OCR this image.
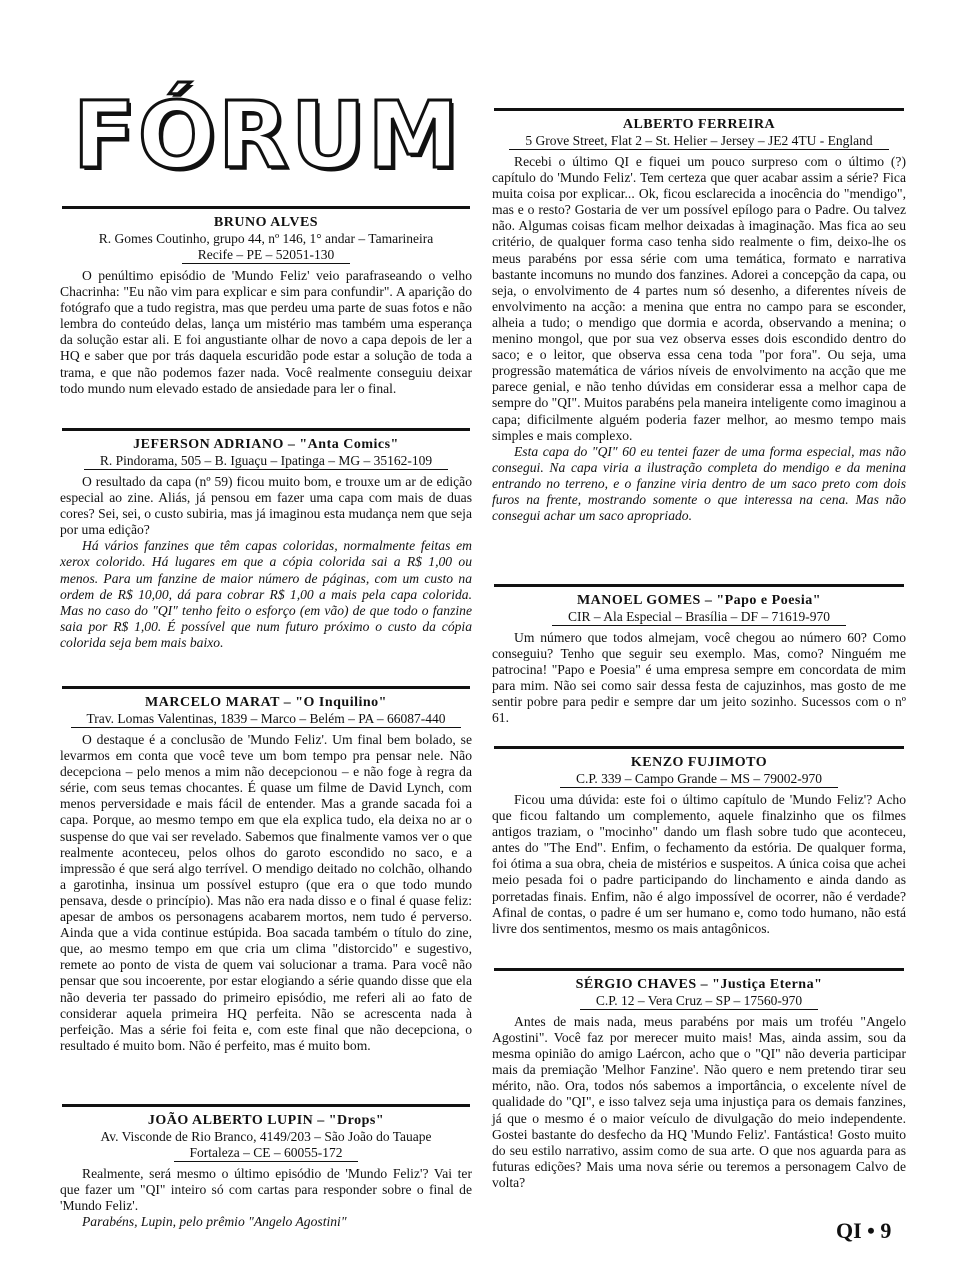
FÓRUM
BRUNO ALVES
R. Gomes Coutinho, grupo 44, nº 146, 1° andar – Tamarineira
Recife – PE – 52051-130

O penúltimo episódio de 'Mundo Feliz' veio parafraseando o velho Chacrinha: "Eu não vim para explicar e sim para confundir". A aparição do fotógrafo que a tudo registra, mas que perdeu uma parte de suas fotos e não lembra do conteúdo delas, lança um mistério mas também uma esperança da solução estar ali. E foi angustiante olhar de novo a capa depois de ler a HQ e saber que por trás daquela escuridão pode estar a solução de toda a trama, e que não podemos fazer nada. Você realmente conseguiu deixar todo mundo num elevado estado de ansiedade para ler o final.

JEFERSON ADRIANO – "Anta Comics"
R. Pindorama, 505 – B. Iguaçu – Ipatinga – MG – 35162-109

O resultado da capa (nº 59) ficou muito bom, e trouxe um ar de edição especial ao zine. Aliás, já pensou em fazer uma capa com mais de duas cores? Sei, sei, o custo subiria, mas já imaginou esta mudança nem que seja por uma edição?

Há vários fanzines que têm capas coloridas, normalmente feitas em xerox colorido. Há lugares em que a cópia colorida sai a R$ 1,00 ou menos. Para um fanzine de maior número de páginas, com um custo na ordem de R$ 10,00, dá para cobrar R$ 1,00 a mais pela capa colorida. Mas no caso do "QI" tenho feito o esforço (em vão) de que todo o fanzine saia por R$ 1,00. É possível que num futuro próximo o custo da cópia colorida seja bem mais baixo.

MARCELO MARAT – "O Inquilino"
Trav. Lomas Valentinas, 1839 – Marco – Belém – PA – 66087-440

O destaque é a conclusão de 'Mundo Feliz'. Um final bem bolado, se levarmos em conta que você teve um bom tempo pra pensar nele. Não decepciona – pelo menos a mim não decepcionou – e não foge à regra da série, com seus temas chocantes. É quase um filme de David Lynch, com menos perversidade e mais fácil de entender. Mas a grande sacada foi a capa. Porque, ao mesmo tempo em que ela explica tudo, ela deixa no ar o suspense do que vai ser revelado. Sabemos que finalmente vamos ver o que realmente aconteceu, pelos olhos do garoto escondido no saco, e a impressão é que será algo terrível. O mendigo deitado no colchão, olhando a garotinha, insinua um possível estupro (que era o que todo mundo pensava, desde o princípio). Mas não era nada disso e o final é quase feliz: apesar de ambos os personagens acabarem mortos, nem tudo é perverso. Ainda que a vida continue estúpida. Boa sacada também o título do zine, que, ao mesmo tempo em que cria um clima "distorcido" e sugestivo, remete ao ponto de vista de quem vai solucionar a trama. Para você não pensar que sou incoerente, por estar elogiando a série quando disse que ela não deveria ter passado do primeiro episódio, me referi ali ao fato de considerar aquela primeira HQ perfeita. Não se acrescenta nada à perfeição. Mas a série foi feita e, com este final que não decepciona, o resultado é muito bom. Não é perfeito, mas é muito bom.

JOÃO ALBERTO LUPIN – "Drops"
Av. Visconde de Rio Branco, 4149/203 – São João do Tauape
Fortaleza – CE – 60055-172

Realmente, será mesmo o último episódio de 'Mundo Feliz'? Vai ter que fazer um "QI" inteiro só com cartas para responder sobre o final de 'Mundo Feliz'.

Parabéns, Lupin, pelo prêmio "Angelo Agostini"

ALBERTO FERREIRA
5 Grove Street, Flat 2 – St. Helier – Jersey – JE2 4TU - England

Recebi o último QI e fiquei um pouco surpreso com o último (?) capítulo do 'Mundo Feliz'. Tem certeza que quer acabar assim a série? Fica muita coisa por explicar... Ok, ficou esclarecida a inocência do "mendigo", mas e o resto? Gostaria de ver um possível epílogo para o Padre. Ou talvez não. Algumas coisas ficam melhor deixadas à imaginação. Mas fica ao seu critério, de qualquer forma caso tenha sido realmente o fim, deixo-lhe os meus parabéns por essa série com uma temática, formato e narrativa bastante incomuns no mundo dos fanzines. Adorei a concepção da capa, ou seja, o envolvimento de 4 partes num só desenho, a diferentes níveis de envolvimento na acção: a menina que entra no campo para se esconder, alheia a tudo; o mendigo que dormia e acorda, observando a menina; o menino mongol, que por sua vez observa esses dois escondido dentro do saco; e o leitor, que observa essa cena toda "por fora". Ou seja, uma progressão matemática de vários níveis de envolvimento na acção que me parece genial, e não tenho dúvidas em considerar essa a melhor capa de sempre do "QI". Muitos parabéns pela maneira inteligente como imaginou a capa; dificilmente alguém poderia fazer melhor, ao mesmo tempo mais simples e mais complexo.

Esta capa do "QI" 60 eu tentei fazer de uma forma especial, mas não consegui. Na capa viria a ilustração completa do mendigo e da menina entrando no terreno, e o fanzine viria dentro de um saco preto com dois furos na frente, mostrando somente o que interessa na cena. Mas não consegui achar um saco apropriado.

MANOEL GOMES – "Papo e Poesia"
CIR – Ala Especial – Brasília – DF – 71619-970

Um número que todos almejam, você chegou ao número 60? Como conseguiu? Tenho que seguir seu exemplo. Mas, como? Ninguém me patrocina! "Papo e Poesia" é uma empresa sempre em concordata de mim para mim. Não sei como sair dessa festa de cajuzinhos, mas gosto de me sentir pobre para pedir e sempre dar um jeito sozinho. Sucessos com o nº 61.

KENZO FUJIMOTO
C.P. 339 – Campo Grande – MS – 79002-970

Ficou uma dúvida: este foi o último capítulo de 'Mundo Feliz'? Acho que ficou faltando um complemento, aquele finalzinho que os filmes antigos traziam, o "mocinho" dando um flash sobre tudo que aconteceu, antes do "The End". Enfim, o fechamento da estória. De qualquer forma, foi ótima a sua obra, cheia de mistérios e suspeitos. A única coisa que achei meio pesada foi o padre participando do linchamento e ainda dando as porretadas finais. Enfim, não é algo impossível de ocorrer, não é verdade? Afinal de contas, o padre é um ser humano e, como todo humano, não está livre dos sentimentos, mesmo os mais antagônicos.

SÉRGIO CHAVES – "Justiça Eterna"
C.P. 12 – Vera Cruz – SP – 17560-970

Antes de mais nada, meus parabéns por mais um troféu "Angelo Agostini". Você faz por merecer muito mais! Mas, ainda assim, sou da mesma opinião do amigo Laércon, acho que o "QI" não deveria participar mais da premiação 'Melhor Fanzine'. Não quero e nem pretendo tirar seu mérito, não. Ora, todos nós sabemos a importância, o excelente nível de qualidade do "QI", e isso talvez seja uma injustiça para os demais fanzines, já que o mesmo é o maior veículo de divulgação do meio independente. Gostei bastante do desfecho da HQ 'Mundo Feliz'. Fantástica! Gosto muito do seu estilo narrativo, assim como de sua arte. O que nos aguarda para as futuras edições? Mais uma nova série ou teremos a personagem Calvo de volta?

QI • 9
